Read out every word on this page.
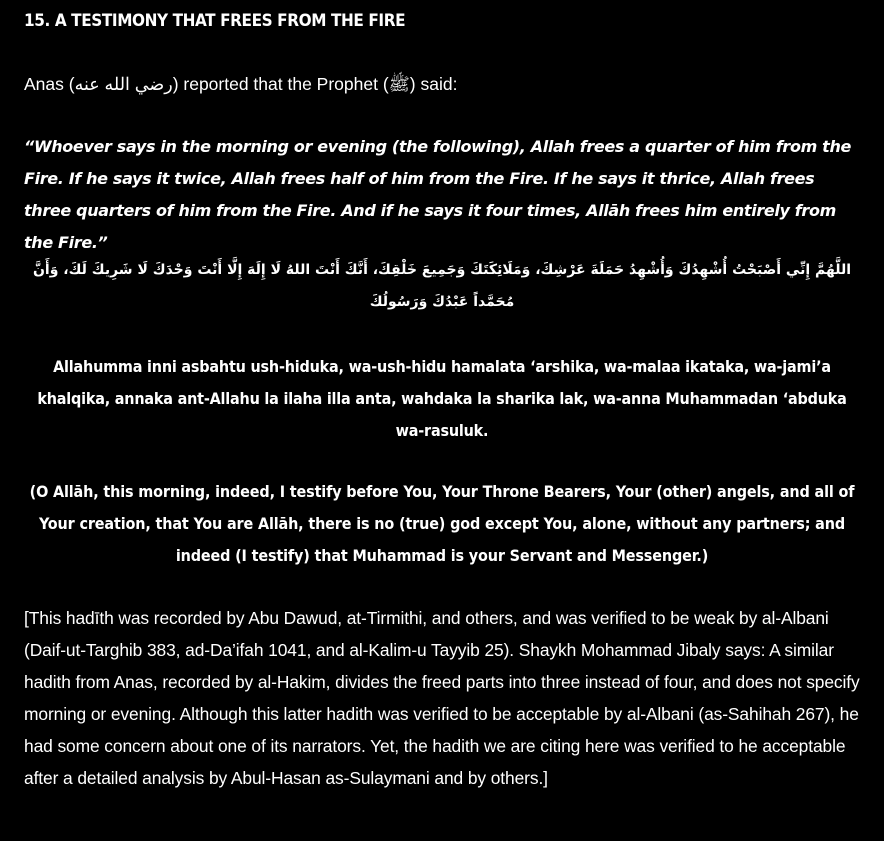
15. A TESTIMONY THAT FREES FROM THE FIRE

Anas (رضي الله عنه) reported that the Prophet (ﷺ) said:

“Whoever says in the morning or evening (the following), Allah frees a quarter of him from the Fire. If he says it twice, Allah frees half of him from the Fire. If he says it thrice, Allah frees three quarters of him from the Fire. And if he says it four times, Allāh frees him entirely from the Fire.”

اللَّهُمَّ إِنِّي أَصْبَحْتُ أُشْهِدُكَ وَأُشْهِدُ حَمَلَةَ عَرْشِكَ، وَمَلَائِكَتَكَ وَجَمِيعَ خَلْقِكَ، أَنَّكَ أَنْتَ اللهُ لَا إِلَهَ إِلَّا أَنْتَ وَحْدَكَ لَا شَرِيكَ لَكَ، وَأَنَّ مُحَمَّداً عَبْدُكَ وَرَسُولُكَ

Allahumma inni asbahtu ush-hiduka, wa-ush-hidu hamalata ‘arshika, wa-malaa ikataka, wa-jami’a khalqika, annaka ant-Allahu la ilaha illa anta, wahdaka la sharika lak, wa-anna Muhammadan ‘abduka wa-rasuluk.

(O Allāh, this morning, indeed, I testify before You, Your Throne Bearers, Your (other) angels, and all of Your creation, that You are Allāh, there is no (true) god except You, alone, without any partners; and indeed (I testify) that Muhammad is your Servant and Messenger.)

[This hadīth was recorded by Abu Dawud, at-Tirmithi, and others, and was verified to be weak by al-Albani (Daif-ut-Targhib 383, ad-Da’ifah 1041, and al-Kalim-u Tayyib 25). Shaykh Mohammad Jibaly says: A similar hadith from Anas, recorded by al-Hakim, divides the freed parts into three instead of four, and does not specify morning or evening. Although this latter hadith was verified to be acceptable by al-Albani (as-Sahihah 267), he had some concern about one of its narrators. Yet, the hadith we are citing here was verified to he acceptable after a detailed analysis by Abul-Hasan as-Sulaymani and by others.]
